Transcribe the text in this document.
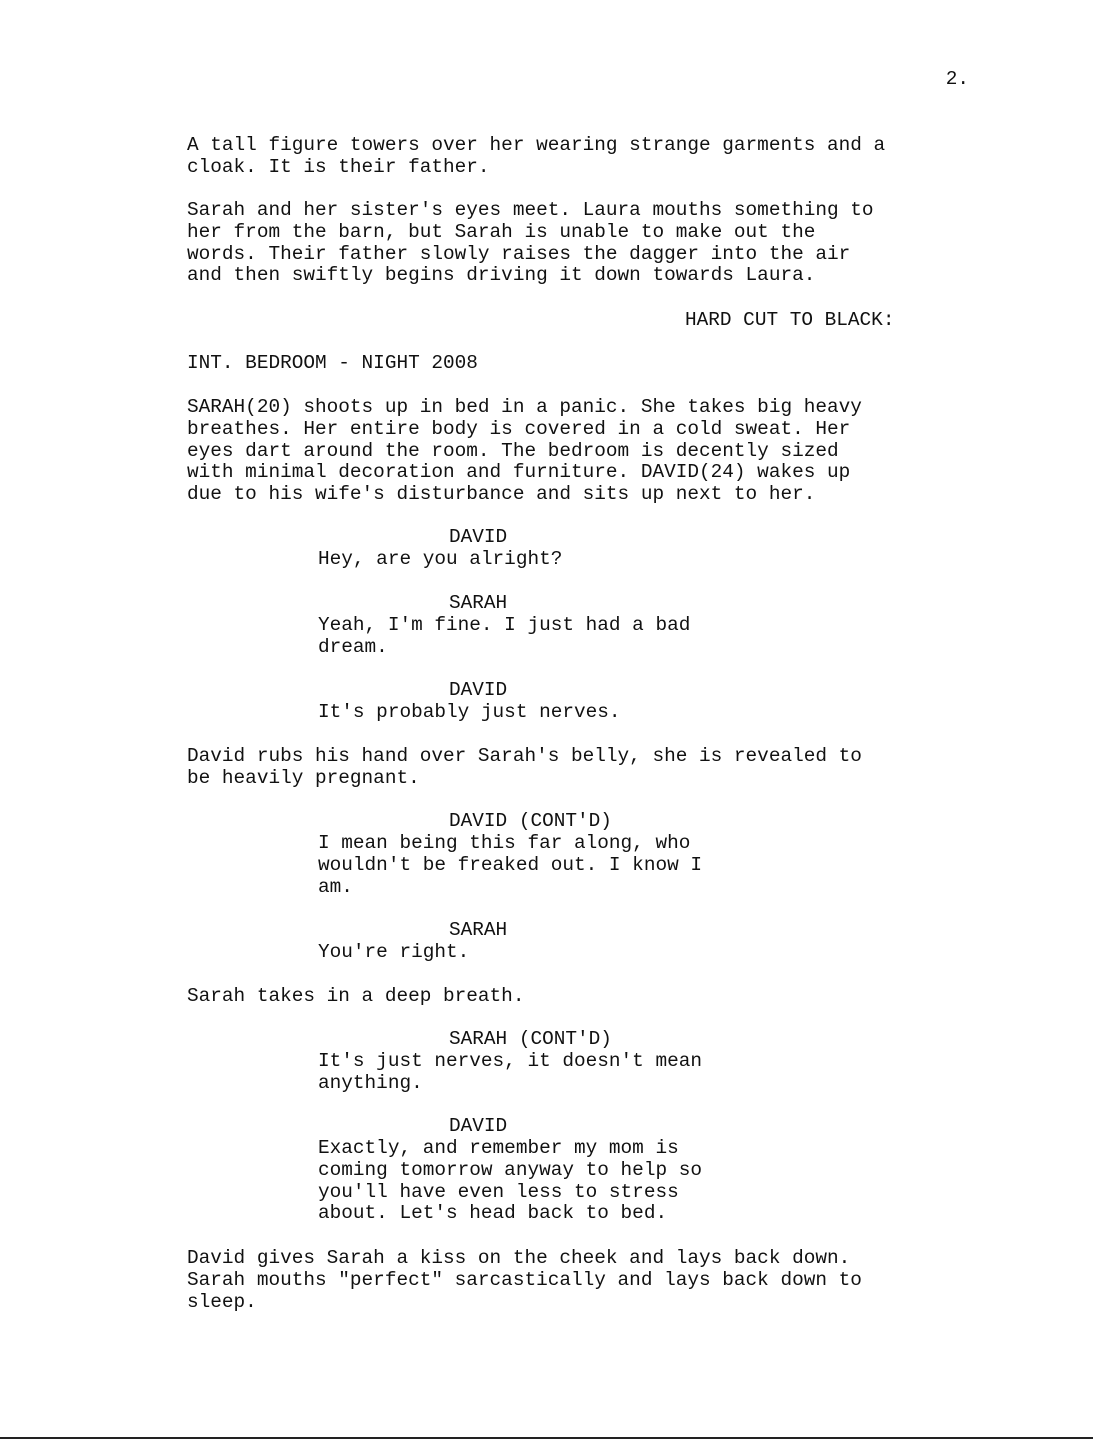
2.
A tall figure towers over her wearing strange garments and a
cloak. It is their father.
Sarah and her sister's eyes meet. Laura mouths something to
her from the barn, but Sarah is unable to make out the
words. Their father slowly raises the dagger into the air
and then swiftly begins driving it down towards Laura.
HARD CUT TO BLACK:
INT. BEDROOM - NIGHT 2008
SARAH(20) shoots up in bed in a panic. She takes big heavy
breathes. Her entire body is covered in a cold sweat. Her
eyes dart around the room. The bedroom is decently sized
with minimal decoration and furniture. DAVID(24) wakes up
due to his wife's disturbance and sits up next to her.
DAVID
Hey, are you alright?
SARAH
Yeah, I'm fine. I just had a bad
dream.
DAVID
It's probably just nerves.
David rubs his hand over Sarah's belly, she is revealed to
be heavily pregnant.
DAVID (CONT'D)
I mean being this far along, who
wouldn't be freaked out. I know I
am.
SARAH
You're right.
Sarah takes in a deep breath.
SARAH (CONT'D)
It's just nerves, it doesn't mean
anything.
DAVID
Exactly, and remember my mom is
coming tomorrow anyway to help so
you'll have even less to stress
about. Let's head back to bed.
David gives Sarah a kiss on the cheek and lays back down.
Sarah mouths "perfect" sarcastically and lays back down to
sleep.
